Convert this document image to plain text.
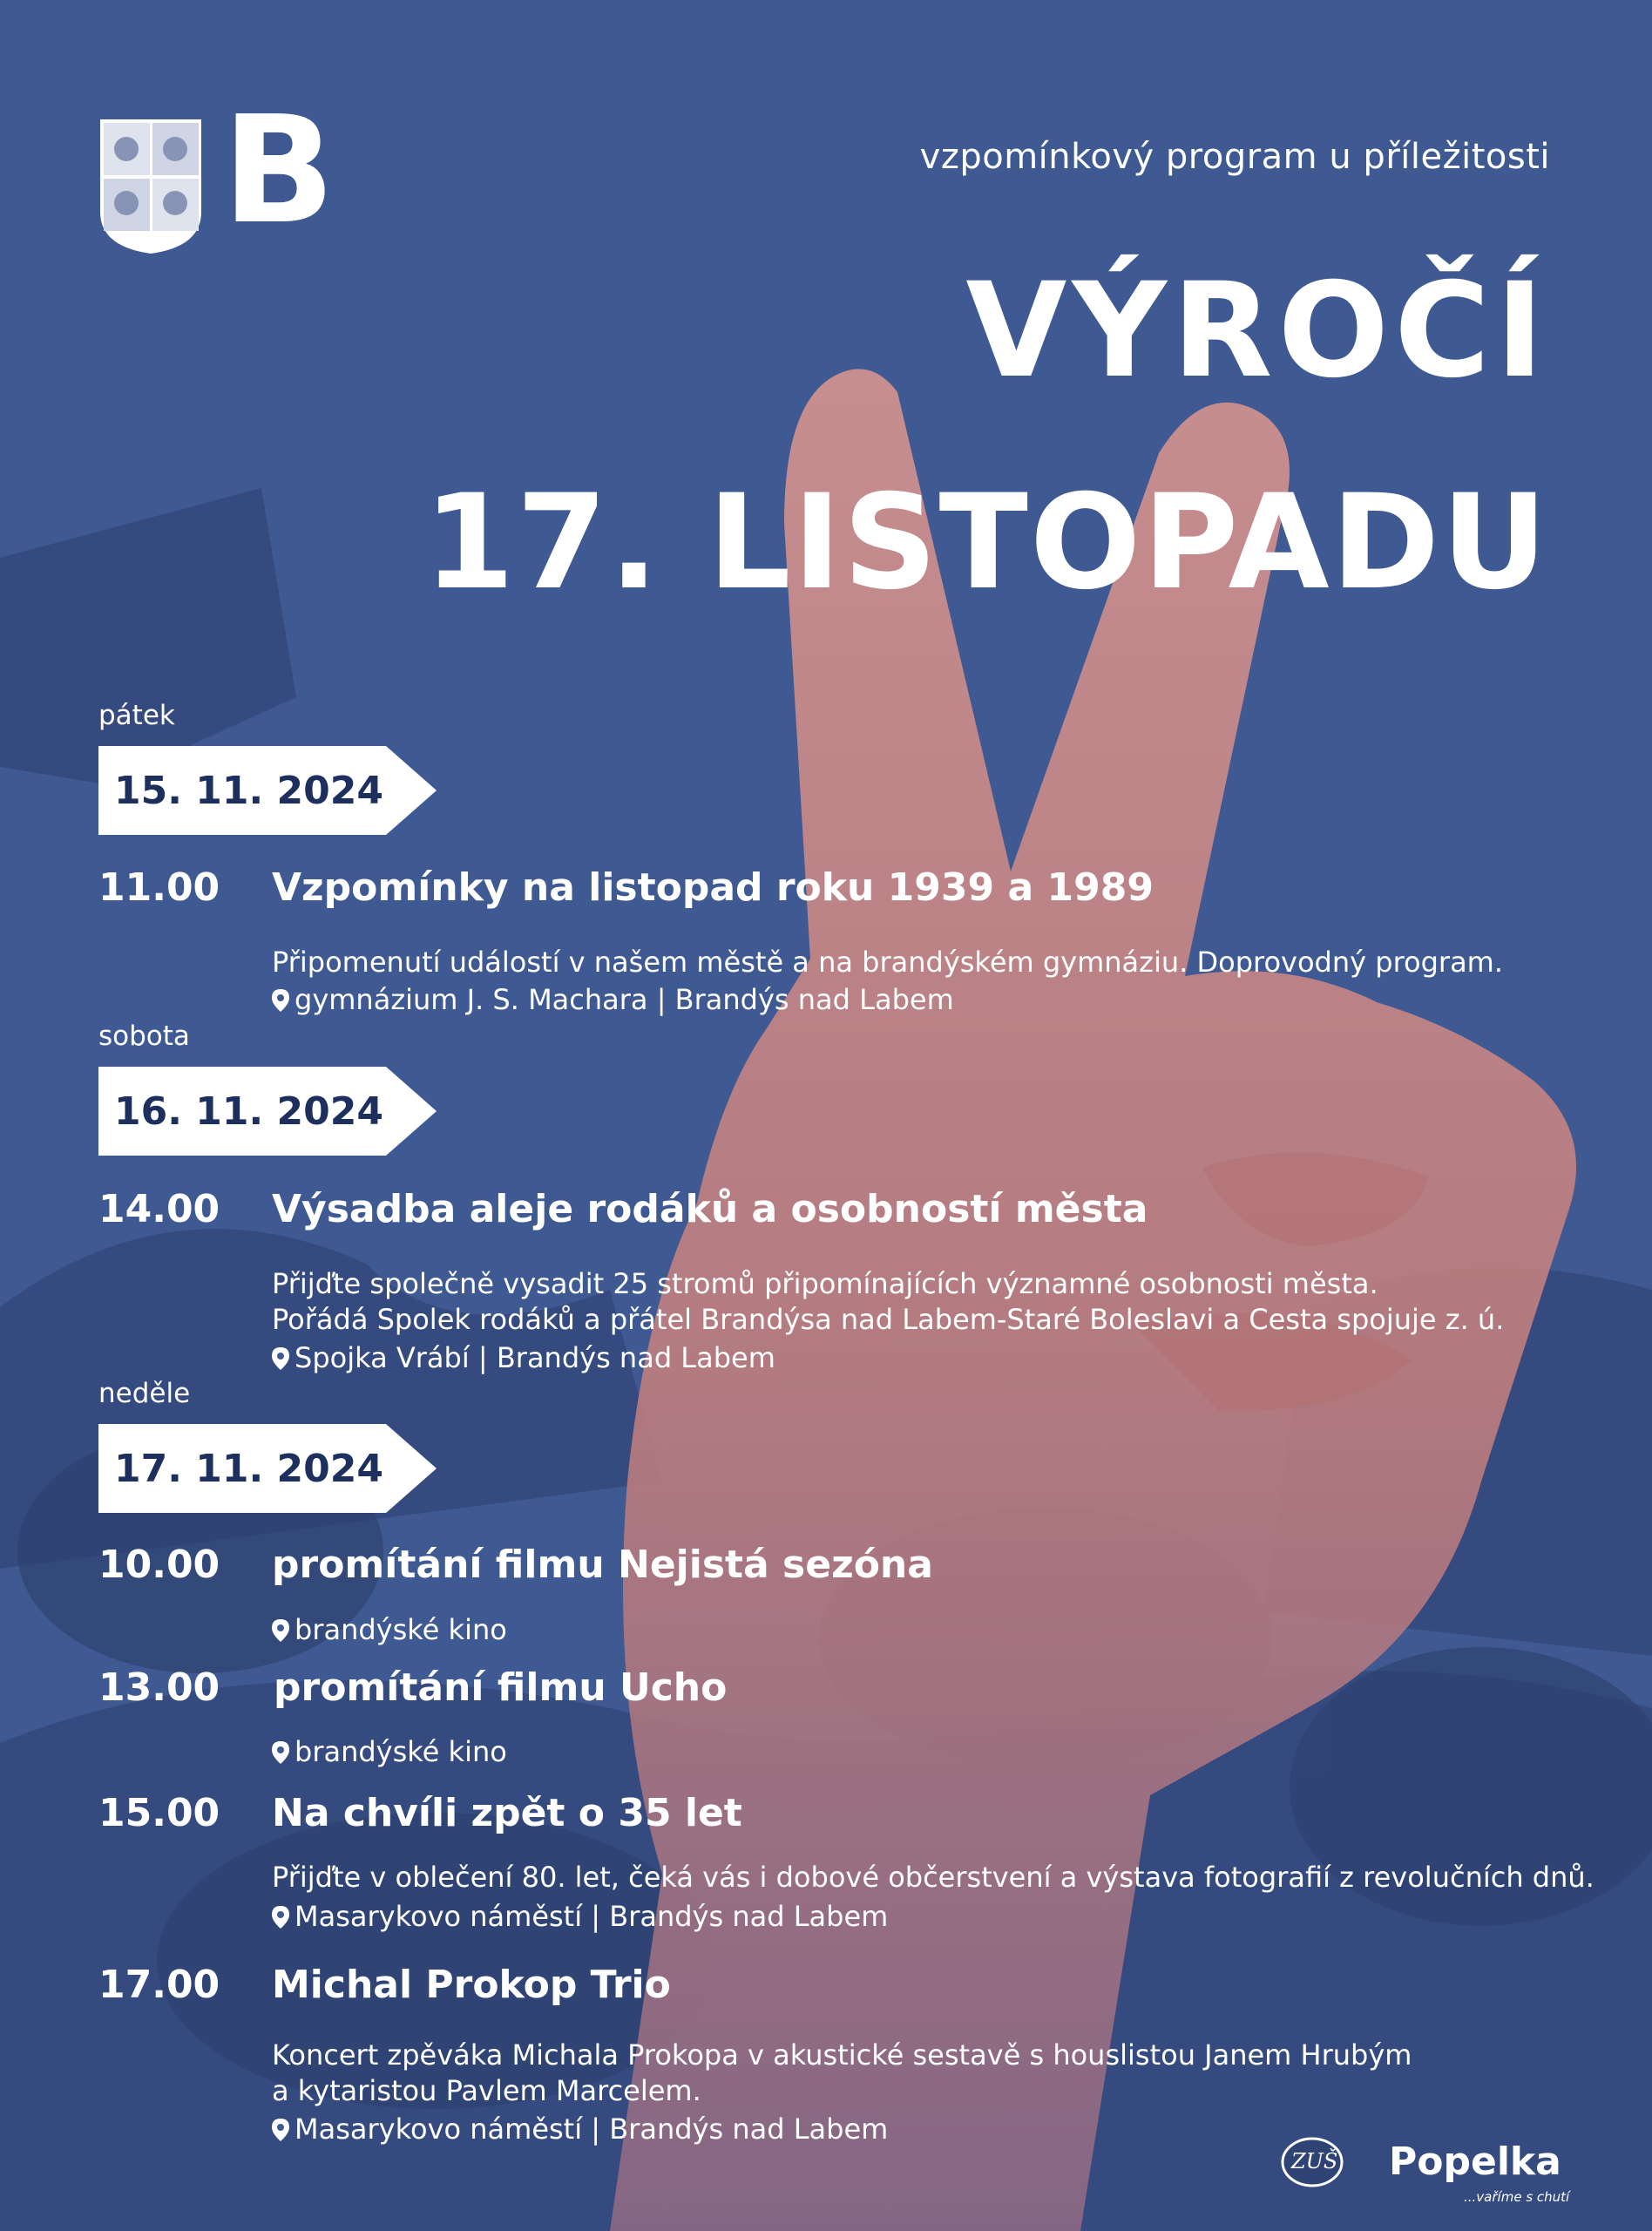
B	vzpomínkový program u příležitosti
VÝROČÍ
17. LISTOPADU
pátek
15. 11. 2024
11.00 Vzpomínky na listopad roku 1939 a 1989
Připomenutí událostí v našem městě a na brandýském gymnáziu. Doprovodný program.
gymnázium J. S. Machara | Brandýs nad Labem
sobota
16. 11. 2024
14.00 Výsadba aleje rodáků a osobností města
Přijďte společně vysadit 25 stromů připomínajících významné osobnosti města.
Pořádá Spolek rodáků a přátel Brandýsa nad Labem-Staré Boleslavi a Cesta spojuje z. ú.
Spojka Vrábí | Brandýs nad Labem
neděle
17. 11. 2024
10.00 promítání filmu Nejistá sezóna
brandýské kino
13.00 promítání filmu Ucho
brandýské kino
15.00 Na chvíli zpět o 35 let
Přijďte v oblečení 80. let, čeká vás i dobové občerstvení a výstava fotografií z revolučních dnů.
Masarykovo náměstí | Brandýs nad Labem
17.00 Michal Prokop Trio
Koncert zpěváka Michala Prokopa v akustické sestavě s houslistou Janem Hrubým
a kytaristou Pavlem Marcelem.
Masarykovo náměstí | Brandýs nad Labem
ZUŠ Popelka
...vaříme s chutí
